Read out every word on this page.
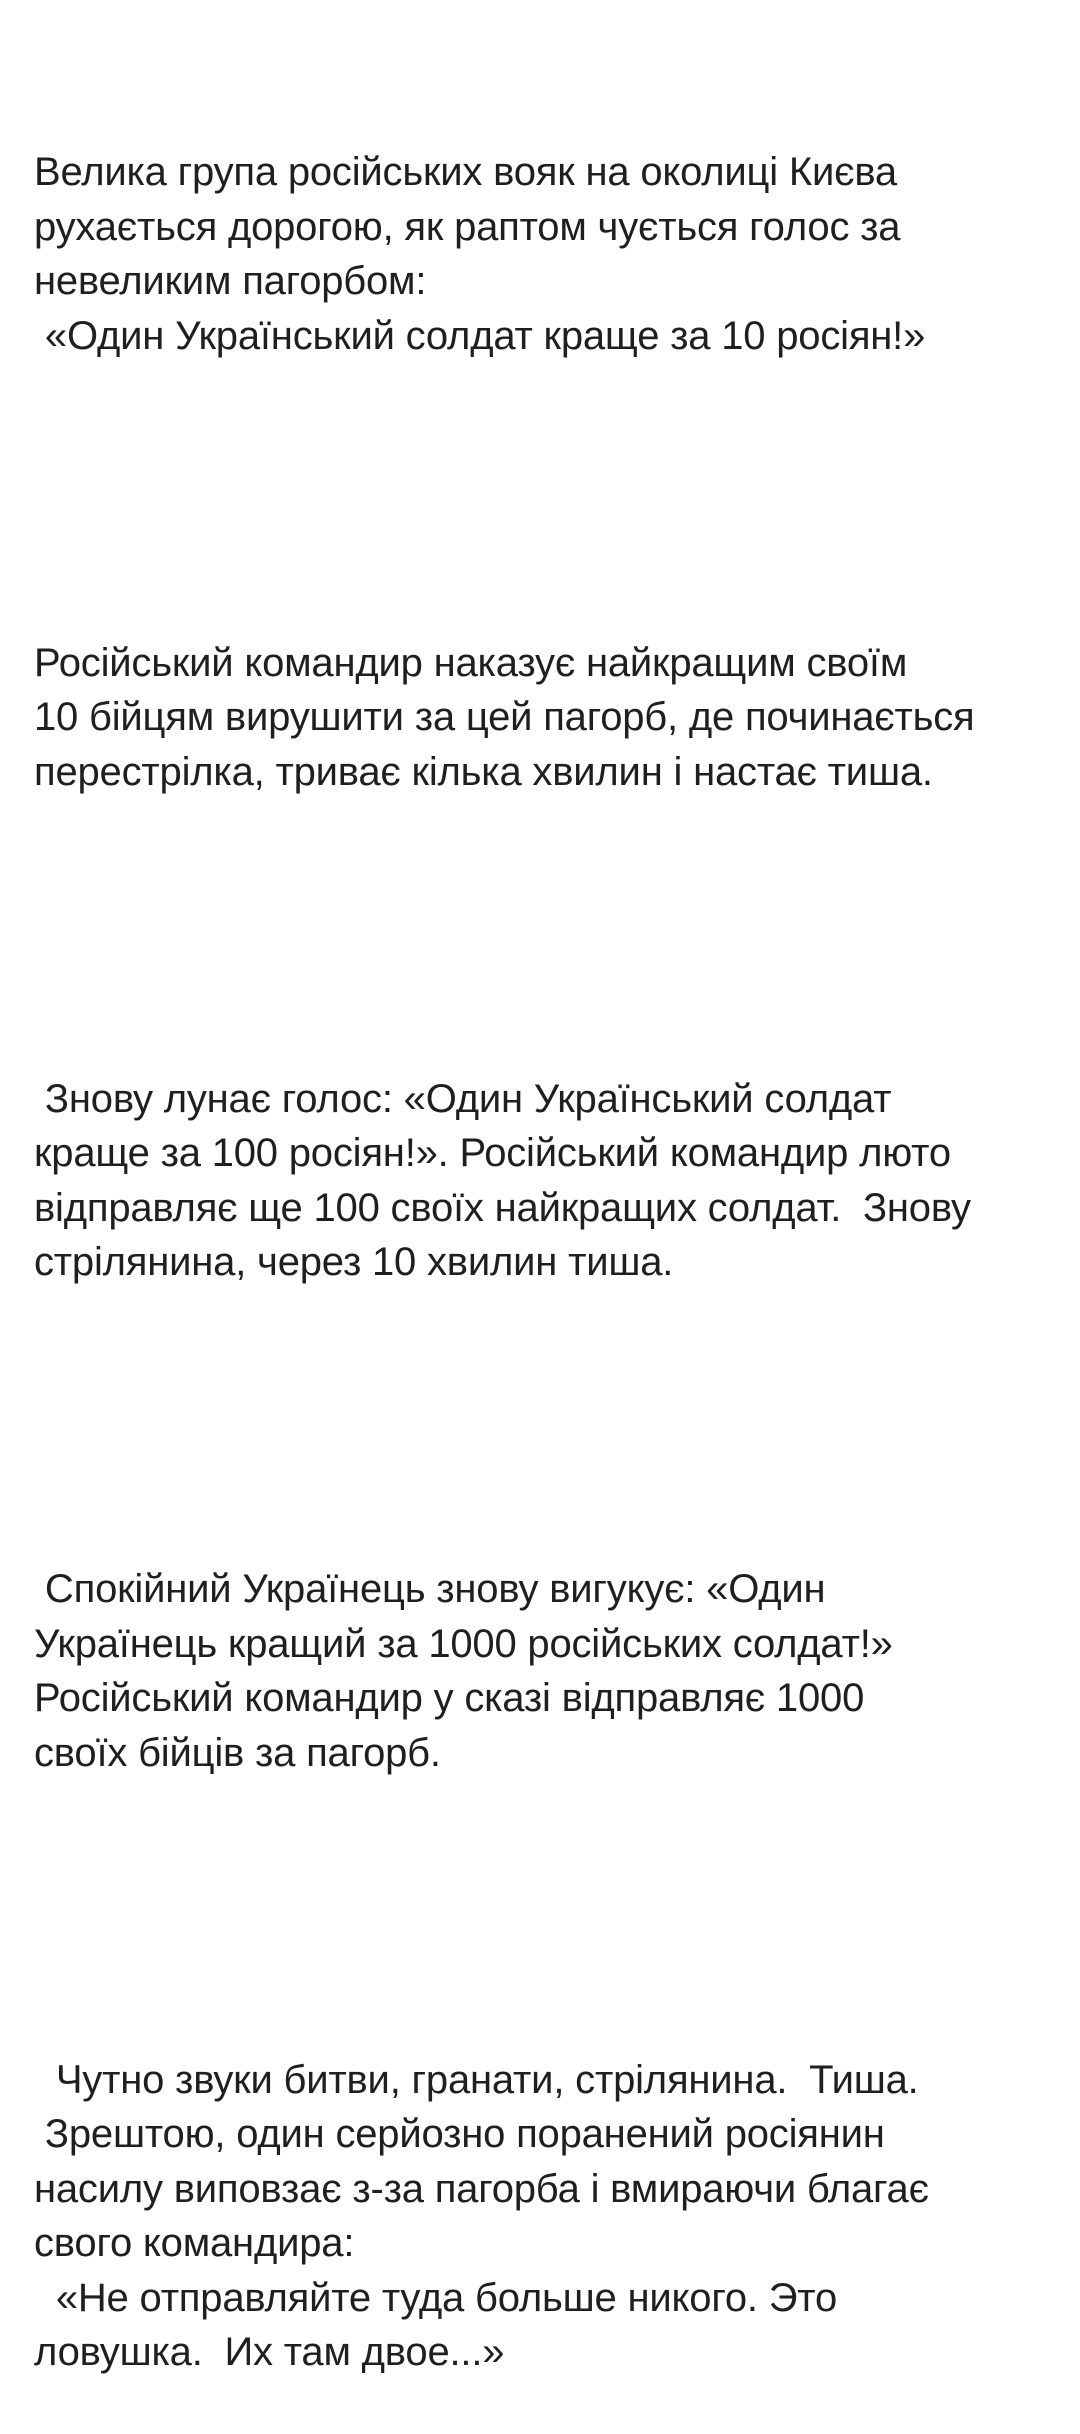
Велика група російських вояк на околиці Києва
рухається дорогою, як раптом чується голос за
невеликим пагорбом:
«Один Український солдат краще за 10 росіян!»

Російський командир наказує найкращим своїм
10 бійцям вирушити за цей пагорб, де починається
перестрілка, триває кілька хвилин і настає тиша.

Знову лунає голос: «Один Український солдат
краще за 100 росіян!». Російський командир люто
відправляє ще 100 своїх найкращих солдат.  Знову
стрілянина, через 10 хвилин тиша.

Спокійний Українець знову вигукує: «Один
Українець кращий за 1000 російських солдат!»
Російський командир у сказі відправляє 1000
своїх бійців за пагорб.

Чутно звуки битви, гранати, стрілянина.  Тиша.
Зрештою, один серйозно поранений росіянин
насилу виповзає з-за пагорба і вмираючи благає
свого командира:
«Не отправляйте туда больше никого. Это
ловушка.  Их там двое...»
